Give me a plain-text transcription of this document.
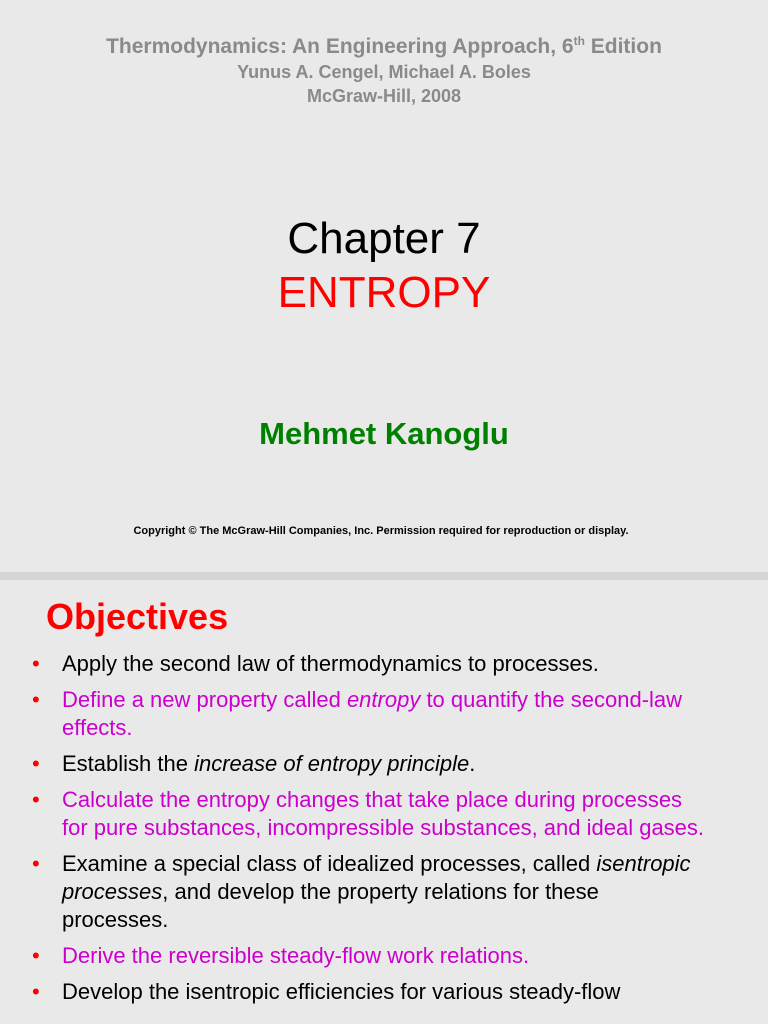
Thermodynamics: An Engineering Approach, 6th Edition
Yunus A. Cengel, Michael A. Boles
McGraw-Hill, 2008
Chapter 7
ENTROPY
Mehmet Kanoglu
Copyright © The McGraw-Hill Companies, Inc. Permission required for reproduction or display.
Objectives
• Apply the second law of thermodynamics to processes.
• Define a new property called entropy to quantify the second-law effects.
• Establish the increase of entropy principle.
• Calculate the entropy changes that take place during processes for pure substances, incompressible substances, and ideal gases.
• Examine a special class of idealized processes, called isentropic processes, and develop the property relations for these processes.
• Derive the reversible steady-flow work relations.
• Develop the isentropic efficiencies for various steady-flow
